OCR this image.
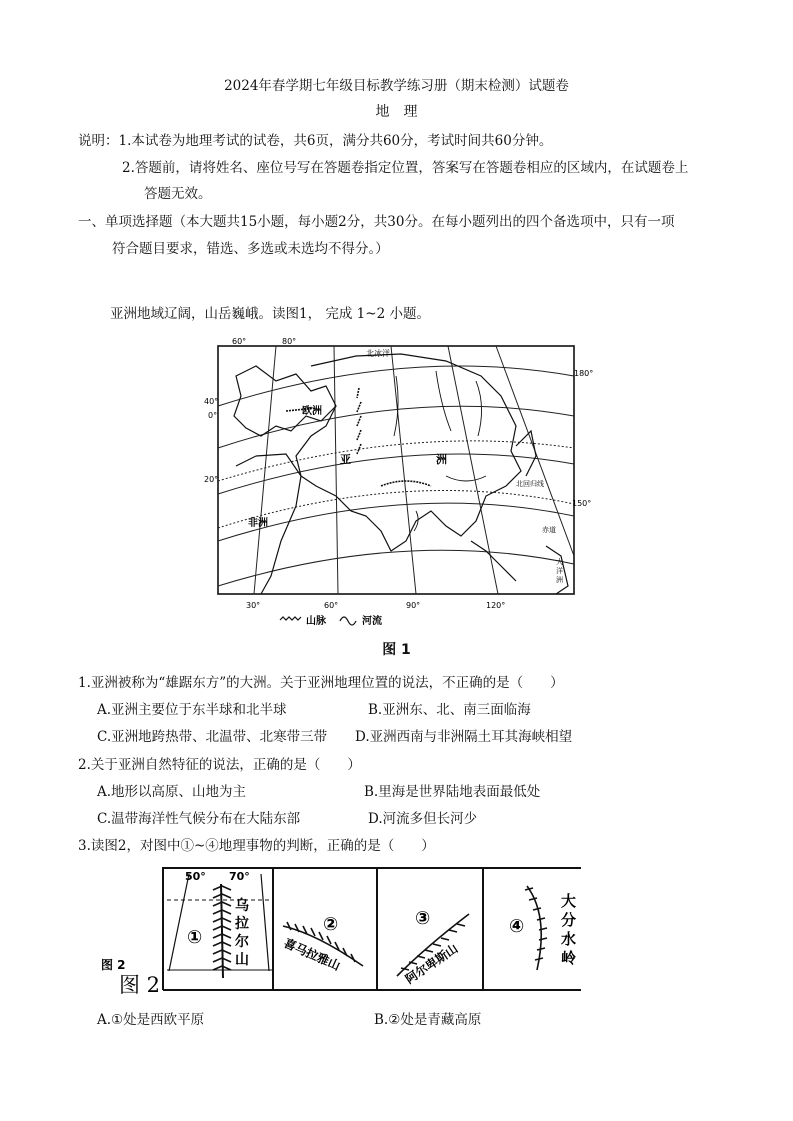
2024年春学期七年级目标教学练习册（期末检测）试题卷
地　理
说明：1.本试卷为地理考试的试卷，共6页，满分共60分，考试时间共60分钟。
2.答题前，请将姓名、座位号写在答题卷指定位置，答案写在答题卷相应的区域内，在试题卷上
答题无效。
一、单项选择题（本大题共15小题，每小题2分，共30分。在每小题列出的四个备选项中，只有一项
符合题目要求，错选、多选或未选均不得分。）
亚洲地域辽阔，山岳巍峨。读图1， 完成 1~2 小题。
60°	80°
40°
0°
20°
180°
150°
30°	60°	90°	120°
北冰洋
欧洲
亚	洲
非洲
北回归线
赤道
大
洋
洲
山脉	河流
图 1
1.亚洲被称为“雄踞东方”的大洲。关于亚洲地理位置的说法，不正确的是（　　）
A.亚洲主要位于东半球和北半球	B.亚洲东、北、南三面临海
C.亚洲地跨热带、北温带、北寒带三带 D.亚洲西南与非洲隔土耳其海峡相望
2.关于亚洲自然特征的说法，正确的是（　　）
A.地形以高原、山地为主	B.里海是世界陆地表面最低处
C.温带海洋性气候分布在大陆东部	D.河流多但长河少
3.读图2，对图中①~④地理事物的判断，正确的是（　　）
50° 70°
①
乌
拉
尔
山
②
喜马拉雅山
③
阿尔卑斯山
④
大
分
水
岭
图 2
图 2
A.①处是西欧平原	B.②处是青藏高原
